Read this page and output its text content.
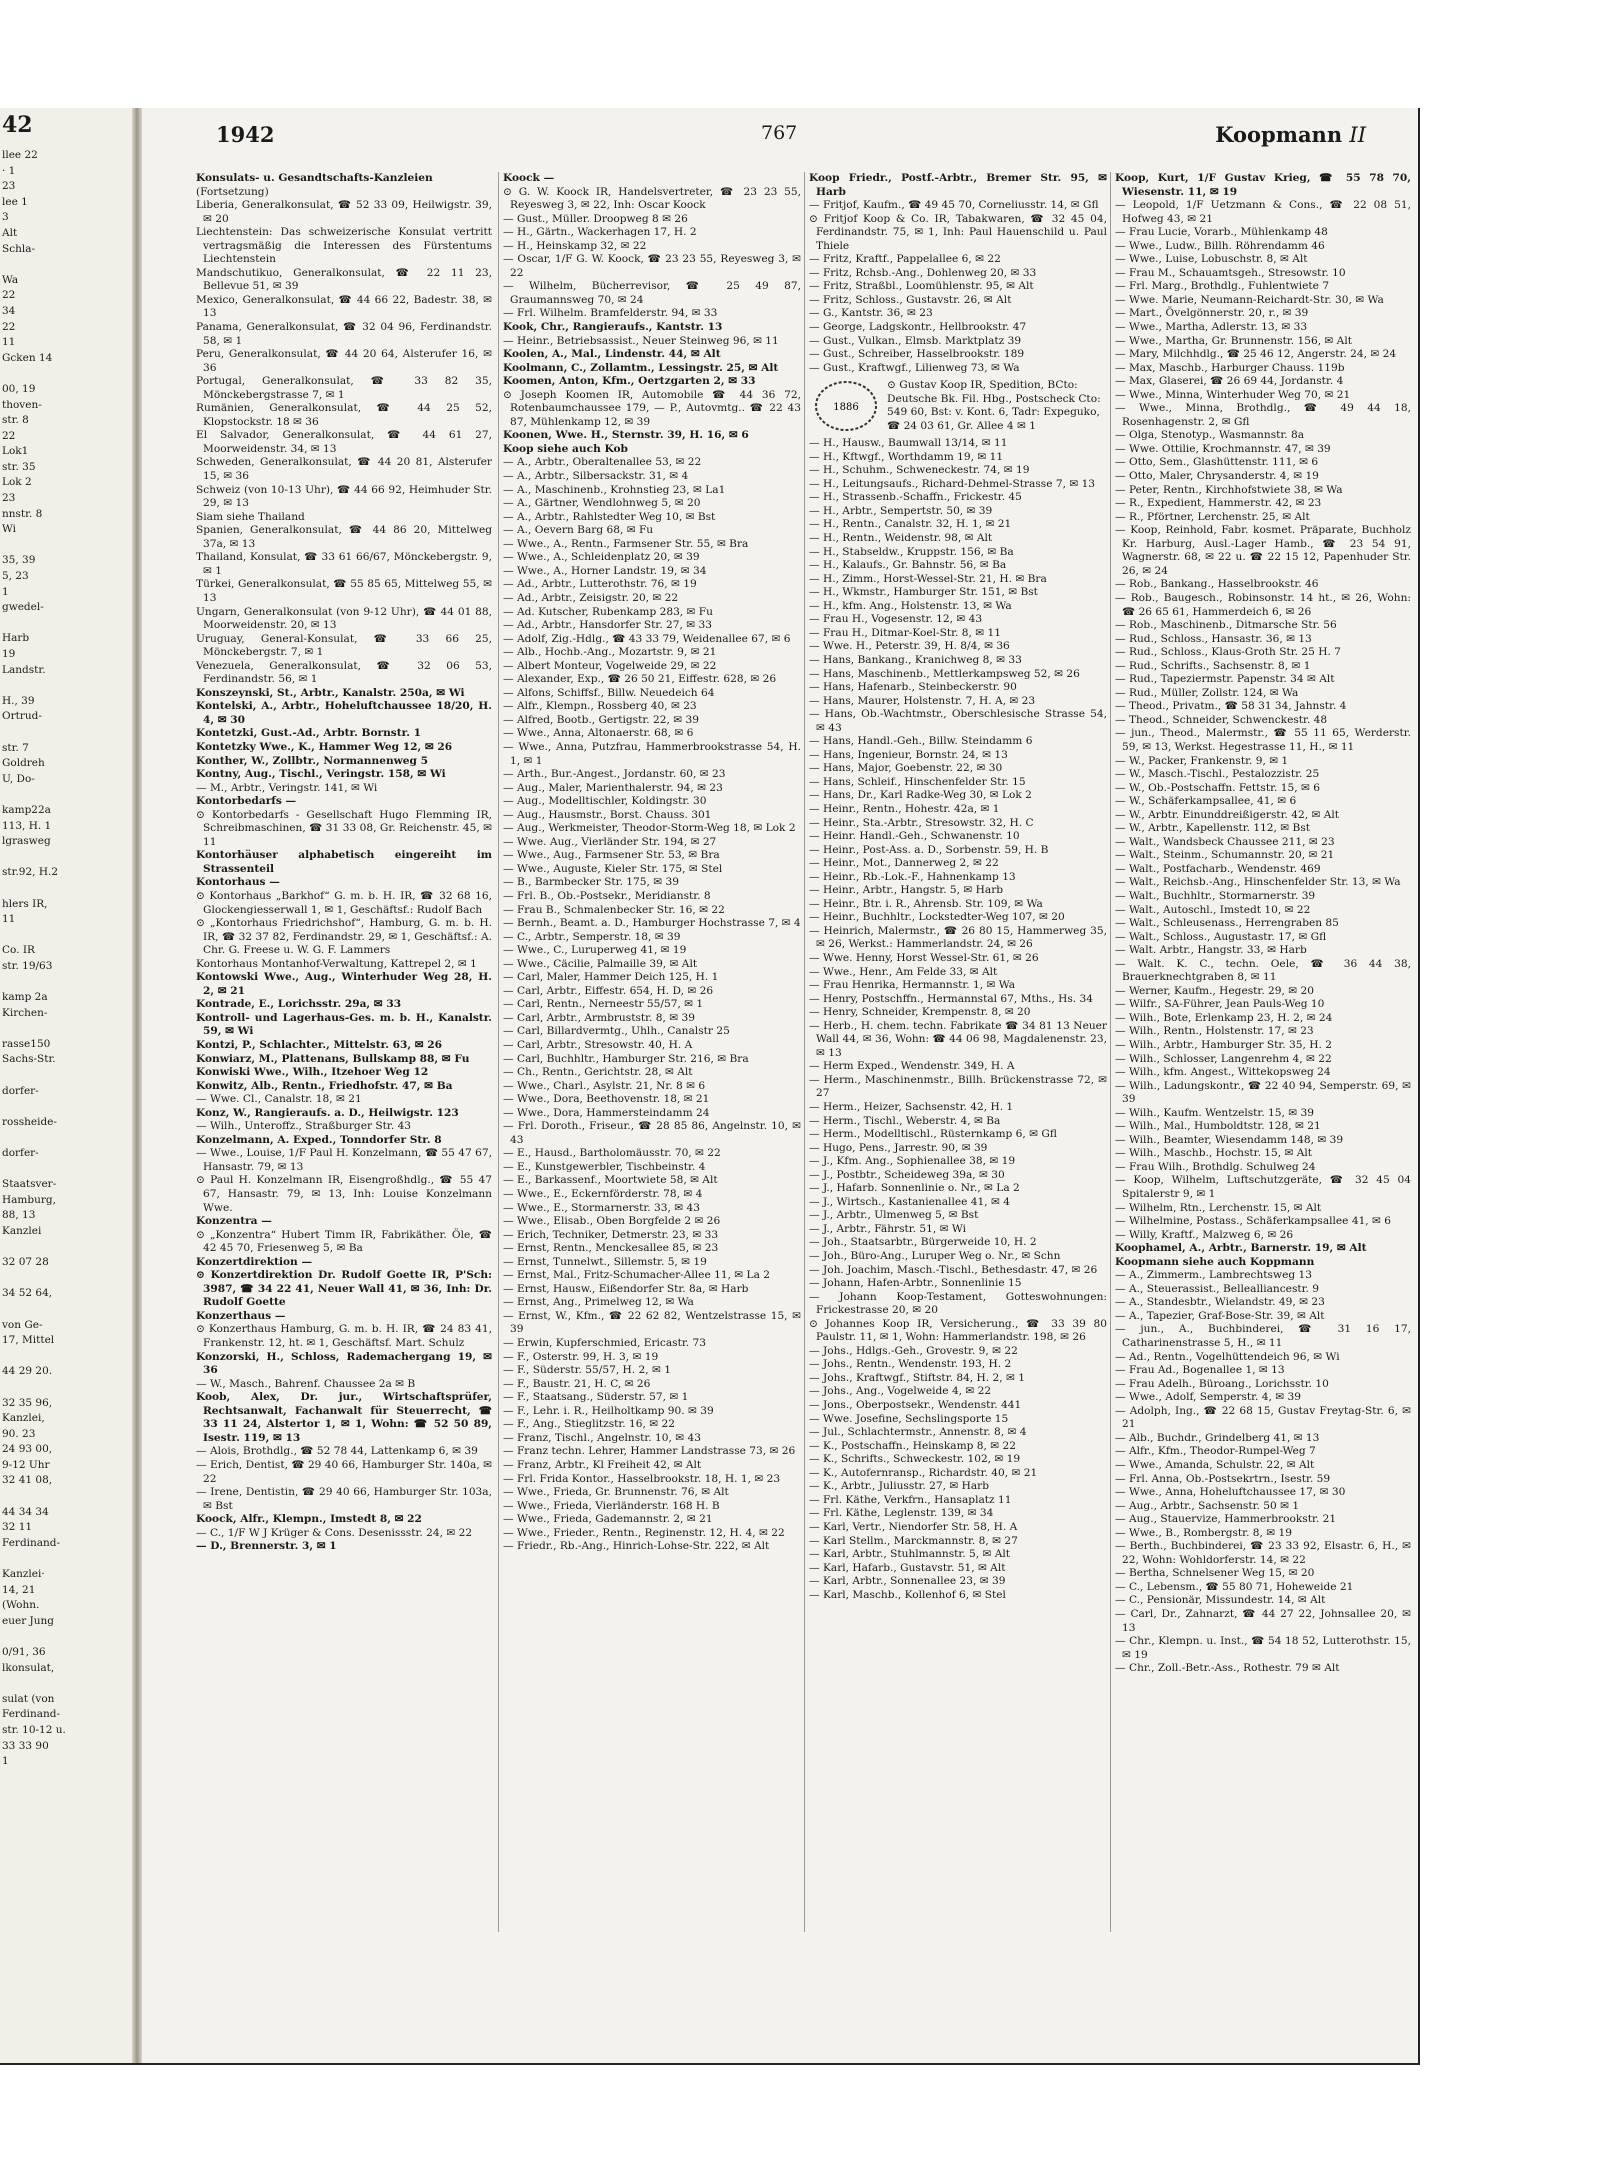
42
llee 22
· 1
23
lee 1
3
Alt
Schla-

Wa
22
34
22
11
Gcken 14

00, 19
thoven-
str. 8
22
Lok1
str. 35
Lok 2
23
nnstr. 8
Wi

35, 39
5, 23
1
gwedel-

Harb
19
Landstr.

H., 39
Ortrud-

str. 7
Goldreh
U, Do-

kamp22a
113, H. 1
lgrasweg

str.92, H.2

hlers IR,
11

Co. IR
str. 19/63

kamp 2a
Kirchen-

rasse150
Sachs-Str.

dorfer-

rossheide-

dorfer-

Staatsver-
Hamburg,
88, 13
Kanzlei

32 07 28

34 52 64,

von Ge-
17, Mittel

44 29 20.

32 35 96,
Kanzlei,
90. 23
24 93 00,
9-12 Uhr
32 41 08,

44 34 34
32 11
Ferdinand-

Kanzlei·
14, 21
(Wohn.
euer Jung

0/91, 36
lkonsulat,

sulat (von
Ferdinand-
str. 10-12 u.
33 33 90
1
1942	767	Koopmann II

Konsulats- u. Gesandtschafts-Kanzleien

(Fortsetzung)

Liberia, Generalkonsulat, ☎ 52 33 09, Heilwigstr. 39, ✉ 20

Liechtenstein: Das schweizerische Konsulat vertritt vertragsmäßig die Interessen des Fürstentums Liechtenstein

Mandschutikuo, Generalkonsulat, ☎ 22 11 23, Bellevue 51, ✉ 39

Mexico, Generalkonsulat, ☎ 44 66 22, Badestr. 38, ✉ 13

Panama, Generalkonsulat, ☎ 32 04 96, Ferdinandstr. 58, ✉ 1

Peru, Generalkonsulat, ☎ 44 20 64, Alsterufer 16, ✉ 36

Portugal, Generalkonsulat, ☎ 33 82 35, Mönckebergstrasse 7, ✉ 1

Rumänien, Generalkonsulat, ☎ 44 25 52, Klopstockstr. 18 ✉ 36

El Salvador, Generalkonsulat, ☎ 44 61 27, Moorweidenstr. 34, ✉ 13

Schweden, Generalkonsulat, ☎ 44 20 81, Alsterufer 15, ✉ 36

Schweiz (von 10-13 Uhr), ☎ 44 66 92, Heimhuder Str. 29, ✉ 13

Siam siehe Thailand

Spanien, Generalkonsulat, ☎ 44 86 20, Mittelweg 37a, ✉ 13

Thailand, Konsulat, ☎ 33 61 66/67, Mönckebergstr. 9, ✉ 1

Türkei, Generalkonsulat, ☎ 55 85 65, Mittelweg 55, ✉ 13

Ungarn, Generalkonsulat (von 9-12 Uhr), ☎ 44 01 88, Moorweidenstr. 20, ✉ 13

Uruguay, General-Konsulat, ☎ 33 66 25, Mönckebergstr. 7, ✉ 1

Venezuela, Generalkonsulat, ☎ 32 06 53, Ferdinandstr. 56, ✉ 1

Konszeynski, St., Arbtr., Kanalstr. 250a, ✉ Wi

Kontelski, A., Arbtr., Hoheluftchaussee 18/20, H. 4, ✉ 30

Kontetzki, Gust.-Ad., Arbtr. Bornstr. 1

Kontetzky Wwe., K., Hammer Weg 12, ✉ 26

Konther, W., Zollbtr., Normannenweg 5

Kontny, Aug., Tischl., Veringstr. 158, ✉ Wi

— M., Arbtr., Veringstr. 141, ✉ Wi

Kontorbedarfs —

⊙ Kontorbedarfs - Gesellschaft Hugo Flemming IR, Schreibmaschinen, ☎ 31 33 08, Gr. Reichenstr. 45, ✉ 11

Kontorhäuser alphabetisch eingereiht im Strassenteil

Kontorhaus —

⊙ Kontorhaus „Barkhof“ G. m. b. H. IR, ☎ 32 68 16, Glockengiesserwall 1, ✉ 1, Geschäftsf.: Rudolf Bach

⊙ „Kontorhaus Friedrichshof“, Hamburg, G. m. b. H. IR, ☎ 32 37 82, Ferdinandstr. 29, ✉ 1, Geschäftsf.: A. Chr. G. Freese u. W. G. F. Lammers

Kontorhaus Montanhof-Verwaltung, Kattrepel 2, ✉ 1

Kontowski Wwe., Aug., Winterhuder Weg 28, H. 2, ✉ 21

Kontrade, E., Lorichsstr. 29a, ✉ 33

Kontroll- und Lagerhaus-Ges. m. b. H., Kanalstr. 59, ✉ Wi

Kontzi, P., Schlachter., Mittelstr. 63, ✉ 26

Konwiarz, M., Plattenans, Bullskamp 88, ✉ Fu

Konwiski Wwe., Wilh., Itzehoer Weg 12

Konwitz, Alb., Rentn., Friedhofstr. 47, ✉ Ba

— Wwe. Cl., Canalstr. 18, ✉ 21

Konz, W., Rangieraufs. a. D., Heilwigstr. 123

— Wilh., Unteroffz., Straßburger Str. 43

Konzelmann, A. Exped., Tonndorfer Str. 8

— Wwe., Louise, 1/F Paul H. Konzelmann, ☎ 55 47 67, Hansastr. 79, ✉ 13

⊙ Paul H. Konzelmann IR, Eisengroßhdlg., ☎ 55 47 67, Hansastr. 79, ✉ 13, Inh: Louise Konzelmann Wwe.

Konzentra —

⊙ „Konzentra“ Hubert Timm IR, Fabrikäther. Öle, ☎ 42 45 70, Friesenweg 5, ✉ Ba

Konzertdirektion —

⊙ Konzertdirektion Dr. Rudolf Goette IR, P'Sch: 3987, ☎ 34 22 41, Neuer Wall 41, ✉ 36, Inh: Dr. Rudolf Goette

Konzerthaus —

⊙ Konzerthaus Hamburg, G. m. b. H. IR, ☎ 24 83 41, Frankenstr. 12, ht. ✉ 1, Geschäftsf. Mart. Schulz

Konzorski, H., Schloss, Rademachergang 19, ✉ 36

— W., Masch., Bahrenf. Chaussee 2a ✉ B

Koob, Alex, Dr. jur., Wirtschaftsprüfer, Rechtsanwalt, Fachanwalt für Steuerrecht, ☎ 33 11 24, Alstertor 1, ✉ 1, Wohn: ☎ 52 50 89, Isestr. 119, ✉ 13

— Alois, Brothdlg., ☎ 52 78 44, Lattenkamp 6, ✉ 39

— Erich, Dentist, ☎ 29 40 66, Hamburger Str. 140a, ✉ 22

— Irene, Dentistin, ☎ 29 40 66, Hamburger Str. 103a, ✉ Bst

Koock, Alfr., Klempn., Imstedt 8, ✉ 22

— C., 1/F W J Krüger & Cons. Desenissstr. 24, ✉ 22

— D., Brennerstr. 3, ✉ 1

Koock —

⊙ G. W. Koock IR, Handelsvertreter, ☎ 23 23 55, Reyesweg 3, ✉ 22, Inh: Oscar Koock

— Gust., Müller. Droopweg 8 ✉ 26

— H., Gärtn., Wackerhagen 17, H. 2

— H., Heinskamp 32, ✉ 22

— Oscar, 1/F G. W. Koock, ☎ 23 23 55, Reyesweg 3, ✉ 22

— Wilhelm, Bücherrevisor, ☎ 25 49 87, Graumannsweg 70, ✉ 24

— Frl. Wilhelm. Bramfelderstr. 94, ✉ 33

Kook, Chr., Rangieraufs., Kantstr. 13

— Heinr., Betriebsassist., Neuer Steinweg 96, ✉ 11

Koolen, A., Mal., Lindenstr. 44, ✉ Alt

Koolmann, C., Zollamtm., Lessingstr. 25, ✉ Alt

Koomen, Anton, Kfm., Oertzgarten 2, ✉ 33

⊙ Joseph Koomen IR, Automobile ☎ 44 36 72, Rotenbaumchaussee 179, — P., Autovmtg.. ☎ 22 43 87, Mühlenkamp 12, ✉ 39

Koonen, Wwe. H., Sternstr. 39, H. 16, ✉ 6

Koop siehe auch Kob

— A., Arbtr., Oberaltenallee 53, ✉ 22

— A., Arbtr., Silbersackstr. 31, ✉ 4

— A., Maschinenb., Krohnstieg 23, ✉ La1

— A., Gärtner, Wendlohnweg 5, ✉ 20

— A., Arbtr., Rahlstedter Weg 10, ✉ Bst

— A., Oevern Barg 68, ✉ Fu

— Wwe., A., Rentn., Farmsener Str. 55, ✉ Bra

— Wwe., A., Schleidenplatz 20, ✉ 39

— Wwe., A., Horner Landstr. 19, ✉ 34

— Ad., Arbtr., Lutterothstr. 76, ✉ 19

— Ad., Arbtr., Zeisigstr. 20, ✉ 22

— Ad. Kutscher, Rubenkamp 283, ✉ Fu

— Ad., Arbtr., Hansdorfer Str. 27, ✉ 33

— Adolf, Zig.-Hdlg., ☎ 43 33 79, Weidenallee 67, ✉ 6

— Alb., Hochb.-Ang., Mozartstr. 9, ✉ 21

— Albert Monteur, Vogelweide 29, ✉ 22

— Alexander, Exp., ☎ 26 50 21, Eiffestr. 628, ✉ 26

— Alfons, Schiffsf., Billw. Neuedeich 64

— Alfr., Klempn., Rossberg 40, ✉ 23

— Alfred, Bootb., Gertigstr. 22, ✉ 39

— Wwe., Anna, Altonaerstr. 68, ✉ 6

— Wwe., Anna, Putzfrau, Hammerbrookstrasse 54, H. 1, ✉ 1

— Arth., Bur.-Angest., Jordanstr. 60, ✉ 23

— Aug., Maler, Marienthalerstr. 94, ✉ 23

— Aug., Modelltischler, Koldingstr. 30

— Aug., Hausmstr., Borst. Chauss. 301

— Aug., Werkmeister, Theodor-Storm-Weg 18, ✉ Lok 2

— Wwe. Aug., Vierländer Str. 194, ✉ 27

— Wwe., Aug., Farmsener Str. 53, ✉ Bra

— Wwe., Auguste, Kieler Str. 175, ✉ Stel

— B., Barmbecker Str. 175, ✉ 39

— Frl. B., Ob.-Postsekr., Meridianstr. 8

— Frau B., Schmalenbecker Str. 16, ✉ 22

— Bernh., Beamt. a. D., Hamburger Hochstrasse 7, ✉ 4

— C., Arbtr., Semperstr. 18, ✉ 39

— Wwe., C., Luruperweg 41, ✉ 19

— Wwe., Cäcilie, Palmaille 39, ✉ Alt

— Carl, Maler, Hammer Deich 125, H. 1

— Carl, Arbtr., Eiffestr. 654, H. D, ✉ 26

— Carl, Rentn., Nerneestr 55/57, ✉ 1

— Carl, Arbtr., Armbruststr. 8, ✉ 39

— Carl, Billardvermtg., Uhlh., Canalstr 25

— Carl, Arbtr., Stresowstr. 40, H. A

— Carl, Buchhltr., Hamburger Str. 216, ✉ Bra

— Ch., Rentn., Gerichtstr. 28, ✉ Alt

— Wwe., Charl., Asylstr. 21, Nr. 8 ✉ 6

— Wwe., Dora, Beethovenstr. 18, ✉ 21

— Wwe., Dora, Hammersteindamm 24

— Frl. Doroth., Friseur., ☎ 28 85 86, Angelnstr. 10, ✉ 43

— E., Hausd., Bartholomäusstr. 70, ✉ 22

— E., Kunstgewerbler, Tischbeinstr. 4

— E., Barkassenf., Moortwiete 58, ✉ Alt

— Wwe., E., Eckernförderstr. 78, ✉ 4

— Wwe., E., Stormarnerstr. 33, ✉ 43

— Wwe., Elisab., Oben Borgfelde 2 ✉ 26

— Erich, Techniker, Detmerstr. 23, ✉ 33

— Ernst, Rentn., Menckesallee 85, ✉ 23

— Ernst, Tunnelwt., Sillemstr. 5, ✉ 19

— Ernst, Mal., Fritz-Schumacher-Allee 11, ✉ La 2

— Ernst, Hausw., Eißendorfer Str. 8a, ✉ Harb

— Ernst, Ang., Primelweg 12, ✉ Wa

— Ernst, W., Kfm., ☎ 22 62 82, Wentzelstrasse 15, ✉ 39

— Erwin, Kupferschmied, Ericastr. 73

— F., Osterstr. 99, H. 3, ✉ 19

— F., Süderstr. 55/57, H. 2, ✉ 1

— F., Baustr. 21, H. C, ✉ 26

— F., Staatsang., Süderstr. 57, ✉ 1

— F., Lehr. i. R., Heilholtkamp 90. ✉ 39

— F., Ang., Stieglitzstr. 16, ✉ 22

— Franz, Tischl., Angelnstr. 10, ✉ 43

— Franz techn. Lehrer, Hammer Landstrasse 73, ✉ 26

— Franz, Arbtr., Kl Freiheit 42, ✉ Alt

— Frl. Frida Kontor., Hasselbrookstr. 18, H. 1, ✉ 23

— Wwe., Frieda, Gr. Brunnenstr. 76, ✉ Alt

— Wwe., Frieda, Vierländerstr. 168 H. B

— Wwe., Frieda, Gademannstr. 2, ✉ 21

— Wwe., Frieder., Rentn., Reginenstr. 12, H. 4, ✉ 22

— Friedr., Rb.-Ang., Hinrich-Lohse-Str. 222, ✉ Alt

Koop Friedr., Postf.-Arbtr., Bremer Str. 95, ✉ Harb

— Fritjof, Kaufm., ☎ 49 45 70, Corneliusstr. 14, ✉ Gfl

⊙ Fritjof Koop & Co. IR, Tabakwaren, ☎ 32 45 04, Ferdinandstr. 75, ✉ 1, Inh: Paul Hauenschild u. Paul Thiele

— Fritz, Kraftf., Pappelallee 6, ✉ 22

— Fritz, Rchsb.-Ang., Dohlenweg 20, ✉ 33

— Fritz, Straßbl., Loomühlenstr. 95, ✉ Alt

— Fritz, Schloss., Gustavstr. 26, ✉ Alt

— G., Kantstr. 36, ✉ 23

— George, Ladgskontr., Hellbrookstr. 47

— Gust., Vulkan., Elmsb. Marktplatz 39

— Gust., Schreiber, Hasselbrookstr. 189

— Gust., Kraftwgf., Lilienweg 73, ✉ Wa

1886
⊙ Gustav Koop IR, Spedition, BCto: Deutsche Bk. Fil. Hbg., Postscheck Cto: 549 60, Bst: v. Kont. 6, Tadr: Expeguko, ☎ 24 03 61, Gr. Allee 4 ✉ 1

— H., Hausw., Baumwall 13/14, ✉ 11

— H., Kftwgf., Worthdamm 19, ✉ 11

— H., Schuhm., Schweneckestr. 74, ✉ 19

— H., Leitungsaufs., Richard-Dehmel-Strasse 7, ✉ 13

— H., Strassenb.-Schaffn., Frickestr. 45

— H., Arbtr., Sempertstr. 50, ✉ 39

— H., Rentn., Canalstr. 32, H. 1, ✉ 21

— H., Rentn., Weidenstr. 98, ✉ Alt

— H., Stabseldw., Kruppstr. 156, ✉ Ba

— H., Kalaufs., Gr. Bahnstr. 56, ✉ Ba

— H., Zimm., Horst-Wessel-Str. 21, H. ✉ Bra

— H., Wkmstr., Hamburger Str. 151, ✉ Bst

— H., kfm. Ang., Holstenstr. 13, ✉ Wa

— Frau H., Vogesenstr. 12, ✉ 43

— Frau H., Ditmar-Koel-Str. 8, ✉ 11

— Wwe. H., Peterstr. 39, H. 8/4, ✉ 36

— Hans, Bankang., Kranichweg 8, ✉ 33

— Hans, Maschinenb., Mettlerkampsweg 52, ✉ 26

— Hans, Hafenarb., Steinbeckerstr. 90

— Hans, Maurer, Holstenstr. 7, H. A, ✉ 23

— Hans, Ob.-Wachtmstr., Oberschlesische Strasse 54, ✉ 43

— Hans, Handl.-Geh., Billw. Steindamm 6

— Hans, Ingenieur, Bornstr. 24, ✉ 13

— Hans, Major, Goebenstr. 22, ✉ 30

— Hans, Schleif., Hinschenfelder Str. 15

— Hans, Dr., Karl Radke-Weg 30, ✉ Lok 2

— Heinr., Rentn., Hohestr. 42a, ✉ 1

— Heinr., Sta.-Arbtr., Stresowstr. 32, H. C

— Heinr. Handl.-Geh., Schwanenstr. 10

— Heinr., Post-Ass. a. D., Sorbenstr. 59, H. B

— Heinr., Mot., Dannerweg 2, ✉ 22

— Heinr., Rb.-Lok.-F., Hahnenkamp 13

— Heinr., Arbtr., Hangstr. 5, ✉ Harb

— Heinr., Btr. i. R., Ahrensb. Str. 109, ✉ Wa

— Heinr., Buchhltr., Lockstedter-Weg 107, ✉ 20

— Heinrich, Malermstr., ☎ 26 80 15, Hammerweg 35, ✉ 26, Werkst.: Hammerlandstr. 24, ✉ 26

— Wwe. Henny, Horst Wessel-Str. 61, ✉ 26

— Wwe., Henr., Am Felde 33, ✉ Alt

— Frau Henrika, Hermannstr. 1, ✉ Wa

— Henry, Postschffn., Hermannstal 67, Mths., Hs. 34

— Henry, Schneider, Krempenstr. 8, ✉ 20

— Herb., H. chem. techn. Fabrikate ☎ 34 81 13 Neuer Wall 44, ✉ 36, Wohn: ☎ 44 06 98, Magdalenenstr. 23, ✉ 13

— Herm Exped., Wendenstr. 349, H. A

— Herm., Maschinenmstr., Billh. Brückenstrasse 72, ✉ 27

— Herm., Heizer, Sachsenstr. 42, H. 1

— Herm., Tischl., Weberstr. 4, ✉ Ba

— Herm., Modelltischl., Rüsternkamp 6, ✉ Gfl

— Hugo, Pens., Jarrestr. 90, ✉ 39

— J., Kfm. Ang., Sophienallee 38, ✉ 19

— J., Postbtr., Scheideweg 39a, ✉ 30

— J., Hafarb. Sonnenlinie o. Nr., ✉ La 2

— J., Wirtsch., Kastanienallee 41, ✉ 4

— J., Arbtr., Ulmenweg 5, ✉ Bst

— J., Arbtr., Fährstr. 51, ✉ Wi

— Joh., Staatsarbtr., Bürgerweide 10, H. 2

— Joh., Büro-Ang., Luruper Weg o. Nr., ✉ Schn

— Joh. Joachim, Masch.-Tischl., Bethesdastr. 47, ✉ 26

— Johann, Hafen-Arbtr., Sonnenlinie 15

— Johann Koop-Testament, Gotteswohnungen: Frickestrasse 20, ✉ 20

⊙ Johannes Koop IR, Versicherung., ☎ 33 39 80 Paulstr. 11, ✉ 1, Wohn: Hammerlandstr. 198, ✉ 26

— Johs., Hdlgs.-Geh., Grovestr. 9, ✉ 22

— Johs., Rentn., Wendenstr. 193, H. 2

— Johs., Kraftwgf., Stiftstr. 84, H. 2, ✉ 1

— Johs., Ang., Vogelweide 4, ✉ 22

— Jons., Oberpostsekr., Wendenstr. 441

— Wwe. Josefine, Sechslingsporte 15

— Jul., Schlachtermstr., Annenstr. 8, ✉ 4

— K., Postschaffn., Heinskamp 8, ✉ 22

— K., Schrifts., Schweckestr. 102, ✉ 19

— K., Autofernransp., Richardstr. 40, ✉ 21

— K., Arbtr., Juliusstr. 27, ✉ Harb

— Frl. Käthe, Verkfrn., Hansaplatz 11

— Frl. Käthe, Leglenstr. 139, ✉ 34

— Karl, Vertr., Niendorfer Str. 58, H. A

— Karl Stellm., Marckmannstr. 8, ✉ 27

— Karl, Arbtr., Stuhlmannstr. 5, ✉ Alt

— Karl, Hafarb., Gustavstr. 51, ✉ Alt

— Karl, Arbtr., Sonnenallee 23, ✉ 39

— Karl, Maschb., Kollenhof 6, ✉ Stel

Koop, Kurt, 1/F Gustav Krieg, ☎ 55 78 70, Wiesenstr. 11, ✉ 19

— Leopold, 1/F Uetzmann & Cons., ☎ 22 08 51, Hofweg 43, ✉ 21

— Frau Lucie, Vorarb., Mühlenkamp 48

— Wwe., Ludw., Billh. Röhrendamm 46

— Wwe., Luise, Lobuschstr. 8, ✉ Alt

— Frau M., Schauamtsgeh., Stresowstr. 10

— Frl. Marg., Brothdlg., Fuhlentwiete 7

— Wwe. Marie, Neumann-Reichardt-Str. 30, ✉ Wa

— Mart., Övelgönnerstr. 20, r., ✉ 39

— Wwe., Martha, Adlerstr. 13, ✉ 33

— Wwe., Martha, Gr. Brunnenstr. 156, ✉ Alt

— Mary, Milchhdlg., ☎ 25 46 12, Angerstr. 24, ✉ 24

— Max, Maschb., Harburger Chauss. 119b

— Max, Glaserei, ☎ 26 69 44, Jordanstr. 4

— Wwe., Minna, Winterhuder Weg 70, ✉ 21

— Wwe., Minna, Brothdlg., ☎ 49 44 18, Rosenhagenstr. 2, ✉ Gfl

— Olga, Stenotyp., Wasmannstr. 8a

— Wwe. Ottilie, Krochmannstr. 47, ✉ 39

— Otto, Sem., Glashüttenstr. 111, ✉ 6

— Otto, Maler, Chrysanderstr. 4, ✉ 19

— Peter, Rentn., Kirchhofstwiete 38, ✉ Wa

— R., Expedient, Hammerstr. 42, ✉ 23

— R., Pförtner, Lerchenstr. 25, ✉ Alt

— Koop, Reinhold, Fabr. kosmet. Präparate, Buchholz Kr. Harburg, Ausl.-Lager Hamb., ☎ 23 54 91, Wagnerstr. 68, ✉ 22 u. ☎ 22 15 12, Papenhuder Str. 26, ✉ 24

— Rob., Bankang., Hasselbrookstr. 46

— Rob., Baugesch., Robinsonstr. 14 ht., ✉ 26, Wohn: ☎ 26 65 61, Hammerdeich 6, ✉ 26

— Rob., Maschinenb., Ditmarsche Str. 56

— Rud., Schloss., Hansastr. 36, ✉ 13

— Rud., Schloss., Klaus-Groth Str. 25 H. 7

— Rud., Schrifts., Sachsenstr. 8, ✉ 1

— Rud., Tapeziermstr. Papenstr. 34 ✉ Alt

— Rud., Müller, Zollstr. 124, ✉ Wa

— Theod., Privatm., ☎ 58 31 34, Jahnstr. 4

— Theod., Schneider, Schwenckestr. 48

— jun., Theod., Malermstr., ☎ 55 11 65, Werderstr. 59, ✉ 13, Werkst. Hegestrasse 11, H., ✉ 11

— W., Packer, Frankenstr. 9, ✉ 1

— W., Masch.-Tischl., Pestalozzistr. 25

— W., Ob.-Postschaffn. Fettstr. 15, ✉ 6

— W., Schäferkampsallee, 41, ✉ 6

— W., Arbtr. Einunddreißigerstr. 42, ✉ Alt

— W., Arbtr., Kapellenstr. 112, ✉ Bst

— Walt., Wandsbeck Chaussee 211, ✉ 23

— Walt., Steinm., Schumannstr. 20, ✉ 21

— Walt., Postfacharb., Wendenstr. 469

— Walt., Reichsb.-Ang., Hinschenfelder Str. 13, ✉ Wa

— Walt., Buchhltr., Stormarnerstr. 39

— Walt., Autoschl., Imstedt 10, ✉ 22

— Walt., Schleusenass., Herrengraben 85

— Walt., Schloss., Augustastr. 17, ✉ Gfl

— Walt. Arbtr., Hangstr. 33, ✉ Harb

— Walt. K. C., techn. Oele, ☎ 36 44 38, Brauerknechtgraben 8, ✉ 11

— Werner, Kaufm., Hegestr. 29, ✉ 20

— Wilfr., SA-Führer, Jean Pauls-Weg 10

— Wilh., Bote, Erlenkamp 23, H. 2, ✉ 24

— Wilh., Rentn., Holstenstr. 17, ✉ 23

— Wilh., Arbtr., Hamburger Str. 35, H. 2

— Wilh., Schlosser, Langenrehm 4, ✉ 22

— Wilh., kfm. Angest., Wittekopsweg 24

— Wilh., Ladungskontr., ☎ 22 40 94, Semperstr. 69, ✉ 39

— Wilh., Kaufm. Wentzelstr. 15, ✉ 39

— Wilh., Mal., Humboldtstr. 128, ✉ 21

— Wilh., Beamter, Wiesendamm 148, ✉ 39

— Wilh., Maschb., Hochstr. 15, ✉ Alt

— Frau Wilh., Brothdlg. Schulweg 24

— Koop, Wilhelm, Luftschutzgeräte, ☎ 32 45 04 Spitalerstr 9, ✉ 1

— Wilhelm, Rtn., Lerchenstr. 15, ✉ Alt

— Wilhelmine, Postass., Schäferkampsallee 41, ✉ 6

— Willy, Kraftf., Malzweg 6, ✉ 26

Koophamel, A., Arbtr., Barnerstr. 19, ✉ Alt

Koopmann siehe auch Koppmann

— A., Zimmerm., Lambrechtsweg 13

— A., Steuerassist., Bellealliancestr. 9

— A., Standesbtr., Wielandstr. 49, ✉ 23

— A., Tapezier, Graf-Bose-Str. 39, ✉ Alt

— jun., A., Buchbinderei, ☎ 31 16 17, Catharinenstrasse 5, H., ✉ 11

— Ad., Rentn., Vogelhüttendeich 96, ✉ Wi

— Frau Ad., Bogenallee 1, ✉ 13

— Frau Adelh., Büroang., Lorichsstr. 10

— Wwe., Adolf, Semperstr. 4, ✉ 39

— Adolph, Ing., ☎ 22 68 15, Gustav Freytag-Str. 6, ✉ 21

— Alb., Buchdr., Grindelberg 41, ✉ 13

— Alfr., Kfm., Theodor-Rumpel-Weg 7

— Wwe., Amanda, Schulstr. 22, ✉ Alt

— Frl. Anna, Ob.-Postsekrtrn., Isestr. 59

— Wwe., Anna, Hoheluftchaussee 17, ✉ 30

— Aug., Arbtr., Sachsenstr. 50 ✉ 1

— Aug., Stauervize, Hammerbrookstr. 21

— Wwe., B., Rombergstr. 8, ✉ 19

— Berth., Buchbinderei, ☎ 23 33 92, Elsastr. 6, H., ✉ 22, Wohn: Wohldorferstr. 14, ✉ 22

— Bertha, Schnelsener Weg 15, ✉ 20

— C., Lebensm., ☎ 55 80 71, Hoheweide 21

— C., Pensionär, Missundestr. 14, ✉ Alt

— Carl, Dr., Zahnarzt, ☎ 44 27 22, Johnsallee 20, ✉ 13

— Chr., Klempn. u. Inst., ☎ 54 18 52, Lutterothstr. 15, ✉ 19

— Chr., Zoll.-Betr.-Ass., Rothestr. 79 ✉ Alt
